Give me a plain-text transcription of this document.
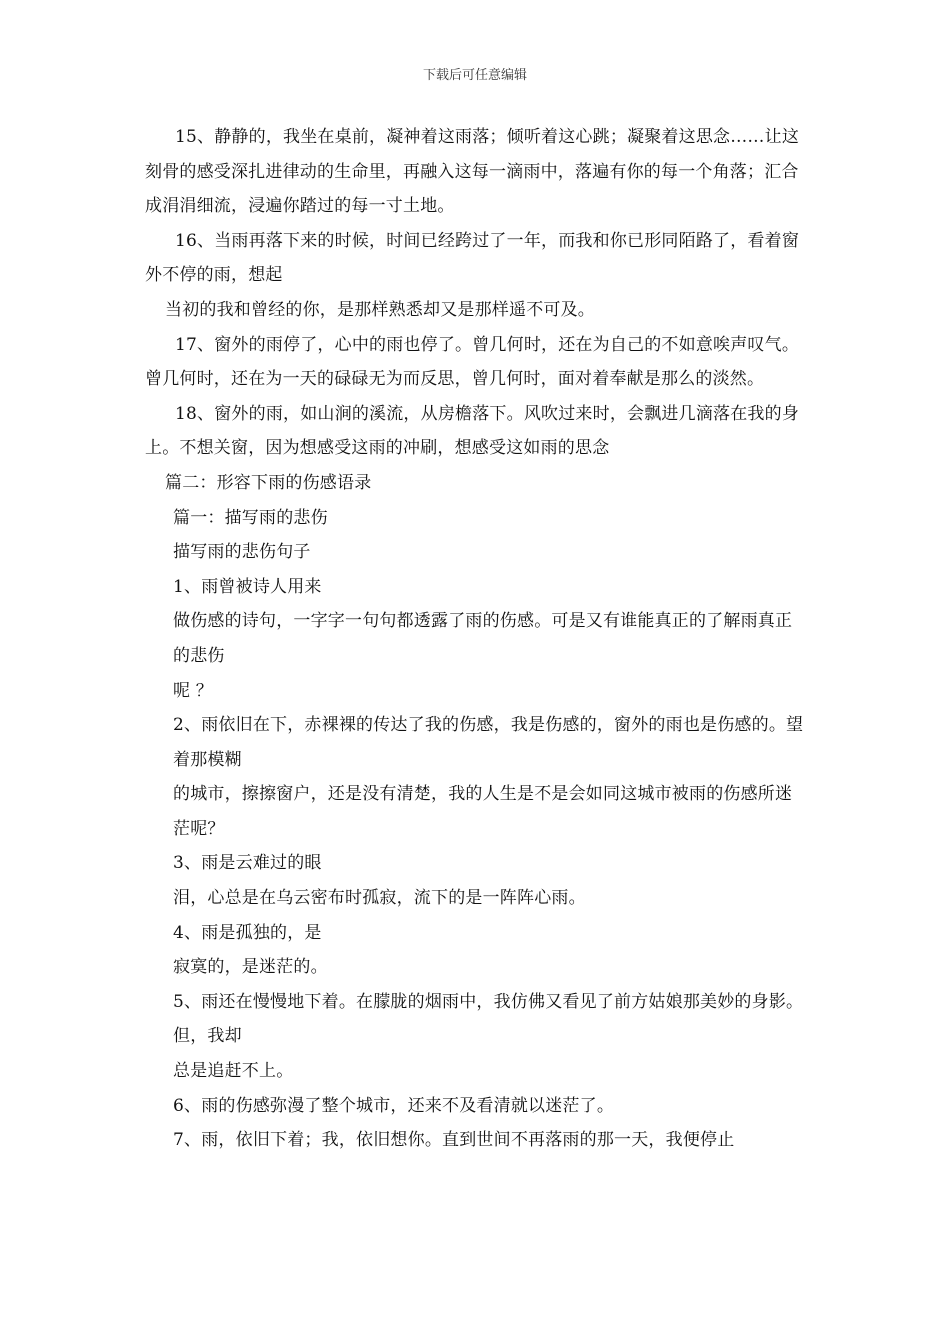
下载后可任意编辑

15、静静的，我坐在桌前，凝神着这雨落；倾听着这心跳；凝聚着这思念……让这刻骨的感受深扎进律动的生命里，再融入这每一滴雨中，落遍有你的每一个角落；汇合成涓涓细流，浸遍你踏过的每一寸土地。

16、当雨再落下来的时候，时间已经跨过了一年，而我和你已形同陌路了，看着窗外不停的雨，想起

当初的我和曾经的你，是那样熟悉却又是那样遥不可及。

17、窗外的雨停了，心中的雨也停了。曾几何时，还在为自己的不如意唉声叹气。曾几何时，还在为一天的碌碌无为而反思，曾几何时，面对着奉献是那么的淡然。

18、窗外的雨，如山涧的溪流，从房檐落下。风吹过来时，会飘进几滴落在我的身上。不想关窗，因为想感受这雨的冲刷，想感受这如雨的思念

篇二：形容下雨的伤感语录

篇一：描写雨的悲伤

描写雨的悲伤句子

1、雨曾被诗人用来

做伤感的诗句，一字字一句句都透露了雨的伤感。可是又有谁能真正的了解雨真正的悲伤

呢 ？

2、雨依旧在下，赤裸裸的传达了我的伤感，我是伤感的，窗外的雨也是伤感的。望着那模糊

的城市，擦擦窗户，还是没有清楚，我的人生是不是会如同这城市被雨的伤感所迷茫呢？

3、雨是云难过的眼

泪，心总是在乌云密布时孤寂，流下的是一阵阵心雨。

4、雨是孤独的，是

寂寞的，是迷茫的。

5、雨还在慢慢地下着。在朦胧的烟雨中，我仿佛又看见了前方姑娘那美妙的身影。但，我却

总是追赶不上。

6、雨的伤感弥漫了整个城市，还来不及看清就以迷茫了。

7、雨，依旧下着；我，依旧想你。直到世间不再落雨的那一天，我便停止
